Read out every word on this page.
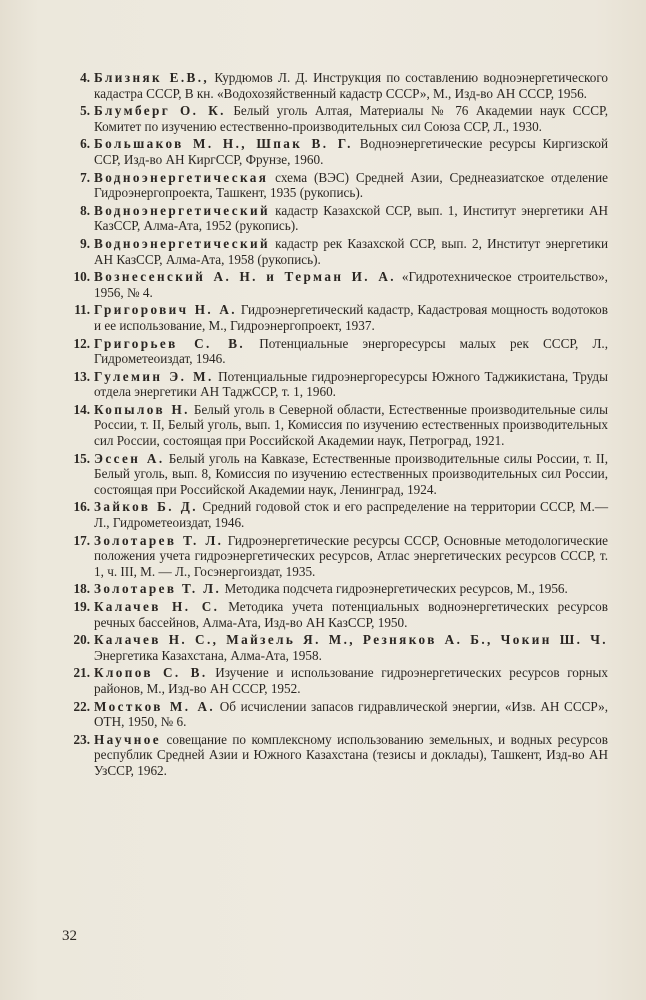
4. Близняк Е.В., Курдюмов Л. Д. Инструкция по составлению водноэнергетического кадастра СССР, В кн. «Водохозяйственный кадастр СССР», М., Изд-во АН СССР, 1956.
5. Блумберг О. К. Белый уголь Алтая, Материалы № 76 Академии наук СССР, Комитет по изучению естественно-производительных сил Союза ССР, Л., 1930.
6. Большаков М. Н., Шпак В. Г. Водноэнергетические ресурсы Киргизской ССР, Изд-во АН КиргССР, Фрунзе, 1960.
7. Водноэнергетическая схема (ВЭС) Средней Азии, Среднеазиатское отделение Гидроэнергопроекта, Ташкент, 1935 (рукопись).
8. Водноэнергетический кадастр Казахской ССР, вып. 1, Институт энергетики АН КазССР, Алма-Ата, 1952 (рукопись).
9. Водноэнергетический кадастр рек Казахской ССР, вып. 2, Институт энергетики АН КазССР, Алма-Ата, 1958 (рукопись).
10. Вознесенский А. Н. и Терман И. А. «Гидротехническое строительство», 1956, № 4.
11. Григорович Н. А. Гидроэнергетический кадастр, Кадастровая мощность водотоков и ее использование, М., Гидроэнергопроект, 1937.
12. Григорьев С. В. Потенциальные энергоресурсы малых рек СССР, Л., Гидрометеоиздат, 1946.
13. Гулемин Э. М. Потенциальные гидроэнергоресурсы Южного Таджикистана, Труды отдела энергетики АН ТаджССР, т. 1, 1960.
14. Копылов Н. Белый уголь в Северной области, Естественные производительные силы России, т. II, Белый уголь, вып. 1, Комиссия по изучению естественных производительных сил России, состоящая при Российской Академии наук, Петроград, 1921.
15. Эссен А. Белый уголь на Кавказе, Естественные производительные силы России, т. II, Белый уголь, вып. 8, Комиссия по изучению естественных производительных сил России, состоящая при Российской Академии наук, Ленинград, 1924.
16. Зайков Б. Д. Средний годовой сток и его распределение на территории СССР, М.—Л., Гидрометеоиздат, 1946.
17. Золотарев Т. Л. Гидроэнергетические ресурсы СССР, Основные методологические положения учета гидроэнергетических ресурсов, Атлас энергетических ресурсов СССР, т. 1, ч. III, М. — Л., Госэнергоиздат, 1935.
18. Золотарев Т. Л. Методика подсчета гидроэнергетических ресурсов, М., 1956.
19. Калачев Н. С. Методика учета потенциальных водноэнергетических ресурсов речных бассейнов, Алма-Ата, Изд-во АН КазССР, 1950.
20. Калачев Н. С., Майзель Я. М., Резняков А. Б., Чокин Ш. Ч. Энергетика Казахстана, Алма-Ата, 1958.
21. Клопов С. В. Изучение и использование гидроэнергетических ресурсов горных районов, М., Изд-во АН СССР, 1952.
22. Мостков М. А. Об исчислении запасов гидравлической энергии, «Изв. АН СССР», ОТН, 1950, № 6.
23. Научное совещание по комплексному использованию земельных, и водных ресурсов республик Средней Азии и Южного Казахстана (тезисы и доклады), Ташкент, Изд-во АН УзССР, 1962.
32
